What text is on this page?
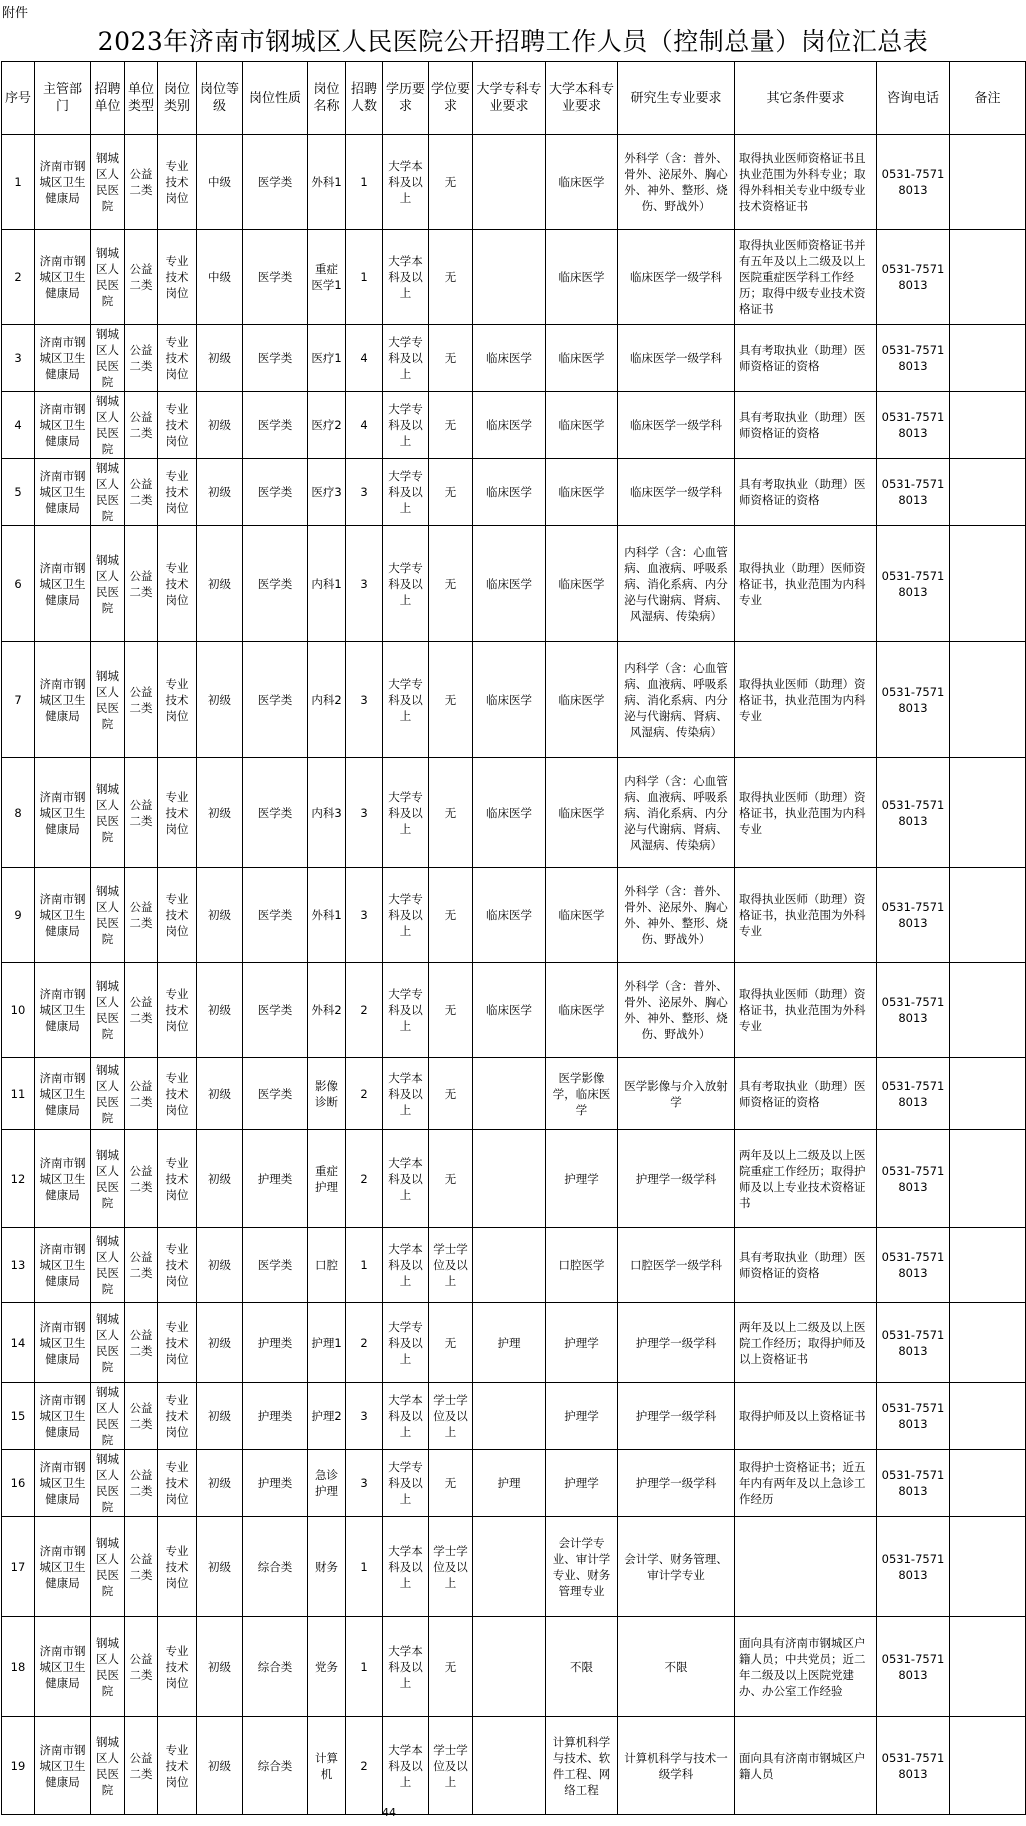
附件
2023年济南市钢城区人民医院公开招聘工作人员（控制总量）岗位汇总表
序号	主管部门	招聘单位	单位类型	岗位类别	岗位等级	岗位性质	岗位名称	招聘人数	学历要求	学位要求	大学专科专业要求	大学本科专业要求	研究生专业要求	其它条件要求	咨询电话	备注
1	济南市钢城区卫生健康局	钢城区人民医院	公益二类	专业技术岗位	中级	医学类	外科1	1	大学本科及以上	无		临床医学	外科学（含：普外、骨外、泌尿外、胸心外、神外、整形、烧伤、野战外）	取得执业医师资格证书且执业范围为外科专业；取得外科相关专业中级专业技术资格证书	0531-75718013	
2	济南市钢城区卫生健康局	钢城区人民医院	公益二类	专业技术岗位	中级	医学类	重症医学1	1	大学本科及以上	无		临床医学	临床医学一级学科	取得执业医师资格证书并有五年及以上二级及以上医院重症医学科工作经历；取得中级专业技术资格证书	0531-75718013	
3	济南市钢城区卫生健康局	钢城区人民医院	公益二类	专业技术岗位	初级	医学类	医疗1	4	大学专科及以上	无	临床医学	临床医学	临床医学一级学科	具有考取执业（助理）医师资格证的资格	0531-75718013	
4	济南市钢城区卫生健康局	钢城区人民医院	公益二类	专业技术岗位	初级	医学类	医疗2	4	大学专科及以上	无	临床医学	临床医学	临床医学一级学科	具有考取执业（助理）医师资格证的资格	0531-75718013	
5	济南市钢城区卫生健康局	钢城区人民医院	公益二类	专业技术岗位	初级	医学类	医疗3	3	大学专科及以上	无	临床医学	临床医学	临床医学一级学科	具有考取执业（助理）医师资格证的资格	0531-75718013	
6	济南市钢城区卫生健康局	钢城区人民医院	公益二类	专业技术岗位	初级	医学类	内科1	3	大学专科及以上	无	临床医学	临床医学	内科学（含：心血管病、血液病、呼吸系病、消化系病、内分泌与代谢病、肾病、风湿病、传染病）	取得执业（助理）医师资格证书，执业范围为内科专业	0531-75718013	
7	济南市钢城区卫生健康局	钢城区人民医院	公益二类	专业技术岗位	初级	医学类	内科2	3	大学专科及以上	无	临床医学	临床医学	内科学（含：心血管病、血液病、呼吸系病、消化系病、内分泌与代谢病、肾病、风湿病、传染病）	取得执业医师（助理）资格证书，执业范围为内科专业	0531-75718013	
8	济南市钢城区卫生健康局	钢城区人民医院	公益二类	专业技术岗位	初级	医学类	内科3	3	大学专科及以上	无	临床医学	临床医学	内科学（含：心血管病、血液病、呼吸系病、消化系病、内分泌与代谢病、肾病、风湿病、传染病）	取得执业医师（助理）资格证书，执业范围为内科专业	0531-75718013	
9	济南市钢城区卫生健康局	钢城区人民医院	公益二类	专业技术岗位	初级	医学类	外科1	3	大学专科及以上	无	临床医学	临床医学	外科学（含：普外、骨外、泌尿外、胸心外、神外、整形、烧伤、野战外）	取得执业医师（助理）资格证书，执业范围为外科专业	0531-75718013	
10	济南市钢城区卫生健康局	钢城区人民医院	公益二类	专业技术岗位	初级	医学类	外科2	2	大学专科及以上	无	临床医学	临床医学	外科学（含：普外、骨外、泌尿外、胸心外、神外、整形、烧伤、野战外）	取得执业医师（助理）资格证书，执业范围为外科专业	0531-75718013	
11	济南市钢城区卫生健康局	钢城区人民医院	公益二类	专业技术岗位	初级	医学类	影像诊断	2	大学本科及以上	无		医学影像学，临床医学	医学影像与介入放射学	具有考取执业（助理）医师资格证的资格	0531-75718013	
12	济南市钢城区卫生健康局	钢城区人民医院	公益二类	专业技术岗位	初级	护理类	重症护理	2	大学本科及以上	无		护理学	护理学一级学科	两年及以上二级及以上医院重症工作经历；取得护师及以上专业技术资格证书	0531-75718013	
13	济南市钢城区卫生健康局	钢城区人民医院	公益二类	专业技术岗位	初级	医学类	口腔	1	大学本科及以上	学士学位及以上		口腔医学	口腔医学一级学科	具有考取执业（助理）医师资格证的资格	0531-75718013	
14	济南市钢城区卫生健康局	钢城区人民医院	公益二类	专业技术岗位	初级	护理类	护理1	2	大学专科及以上	无	护理	护理学	护理学一级学科	两年及以上二级及以上医院工作经历；取得护师及以上资格证书	0531-75718013	
15	济南市钢城区卫生健康局	钢城区人民医院	公益二类	专业技术岗位	初级	护理类	护理2	3	大学本科及以上	学士学位及以上		护理学	护理学一级学科	取得护师及以上资格证书	0531-75718013	
16	济南市钢城区卫生健康局	钢城区人民医院	公益二类	专业技术岗位	初级	护理类	急诊护理	3	大学专科及以上	无	护理	护理学	护理学一级学科	取得护士资格证书；近五年内有两年及以上急诊工作经历	0531-75718013	
17	济南市钢城区卫生健康局	钢城区人民医院	公益二类	专业技术岗位	初级	综合类	财务	1	大学本科及以上	学士学位及以上		会计学专业、审计学专业、财务管理专业	会计学、财务管理、审计学专业		0531-75718013	
18	济南市钢城区卫生健康局	钢城区人民医院	公益二类	专业技术岗位	初级	综合类	党务	1	大学本科及以上	无		不限	不限	面向具有济南市钢城区户籍人员；中共党员；近二年二级及以上医院党建办、办公室工作经验	0531-75718013	
19	济南市钢城区卫生健康局	钢城区人民医院	公益二类	专业技术岗位	初级	综合类	计算机	2	大学本科及以上	学士学位及以上		计算机科学与技术、软件工程、网络工程	计算机科学与技术一级学科	面向具有济南市钢城区户籍人员	0531-75718013	
44
